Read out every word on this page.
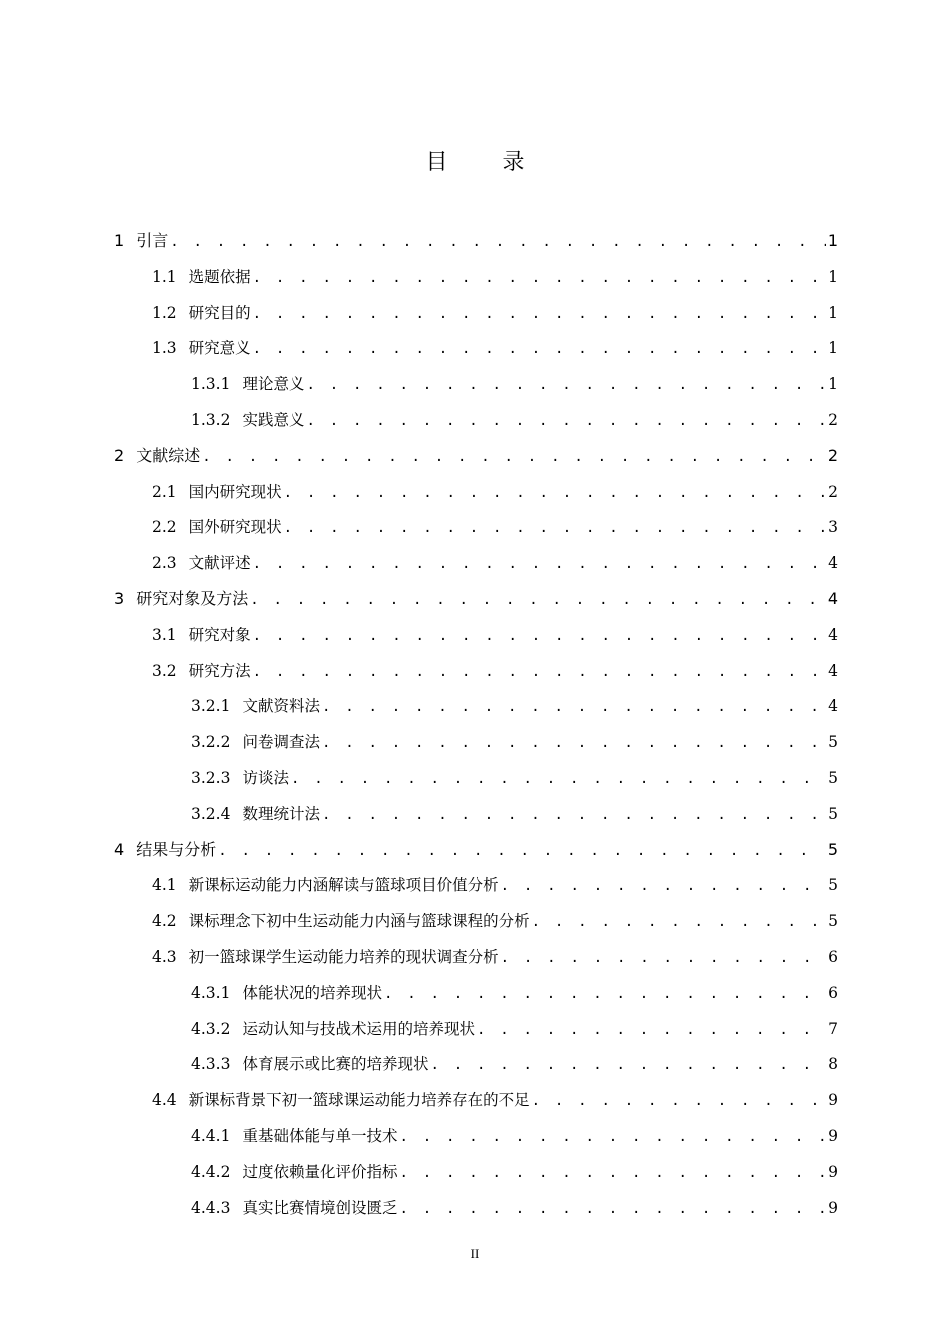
目 录
1 引言 . . .	1
1.1 选题依据 . . .	1
1.2 研究目的 . . .	1
1.3 研究意义 . . .	1
1.3.1 理论意义 . . .	1
1.3.2 实践意义 . . .	2
2 文献综述 . . .	2
2.1 国内研究现状 . . .	2
2.2 国外研究现状 . . .	3
2.3 文献评述 . . .	4
3 研究对象及方法 . . .	4
3.1 研究对象 . . .	4
3.2 研究方法 . . .	4
3.2.1 文献资料法 . . .	4
3.2.2 问卷调查法 . . .	5
3.2.3 访谈法 . . .	5
3.2.4 数理统计法 . . .	5
4 结果与分析 . . .	5
4.1 新课标运动能力内涵解读与篮球项目价值分析 . . .	5
4.2 课标理念下初中生运动能力内涵与篮球课程的分析 . . .	5
4.3 初一篮球课学生运动能力培养的现状调查分析 . . .	6
4.3.1 体能状况的培养现状 . . .	6
4.3.2 运动认知与技战术运用的培养现状 . . .	7
4.3.3 体育展示或比赛的培养现状 . . .	8
4.4 新课标背景下初一篮球课运动能力培养存在的不足 . . .	9
4.4.1 重基础体能与单一技术 . . .	9
4.4.2 过度依赖量化评价指标 . . .	9
4.4.3 真实比赛情境创设匮乏 . . .	9
II
